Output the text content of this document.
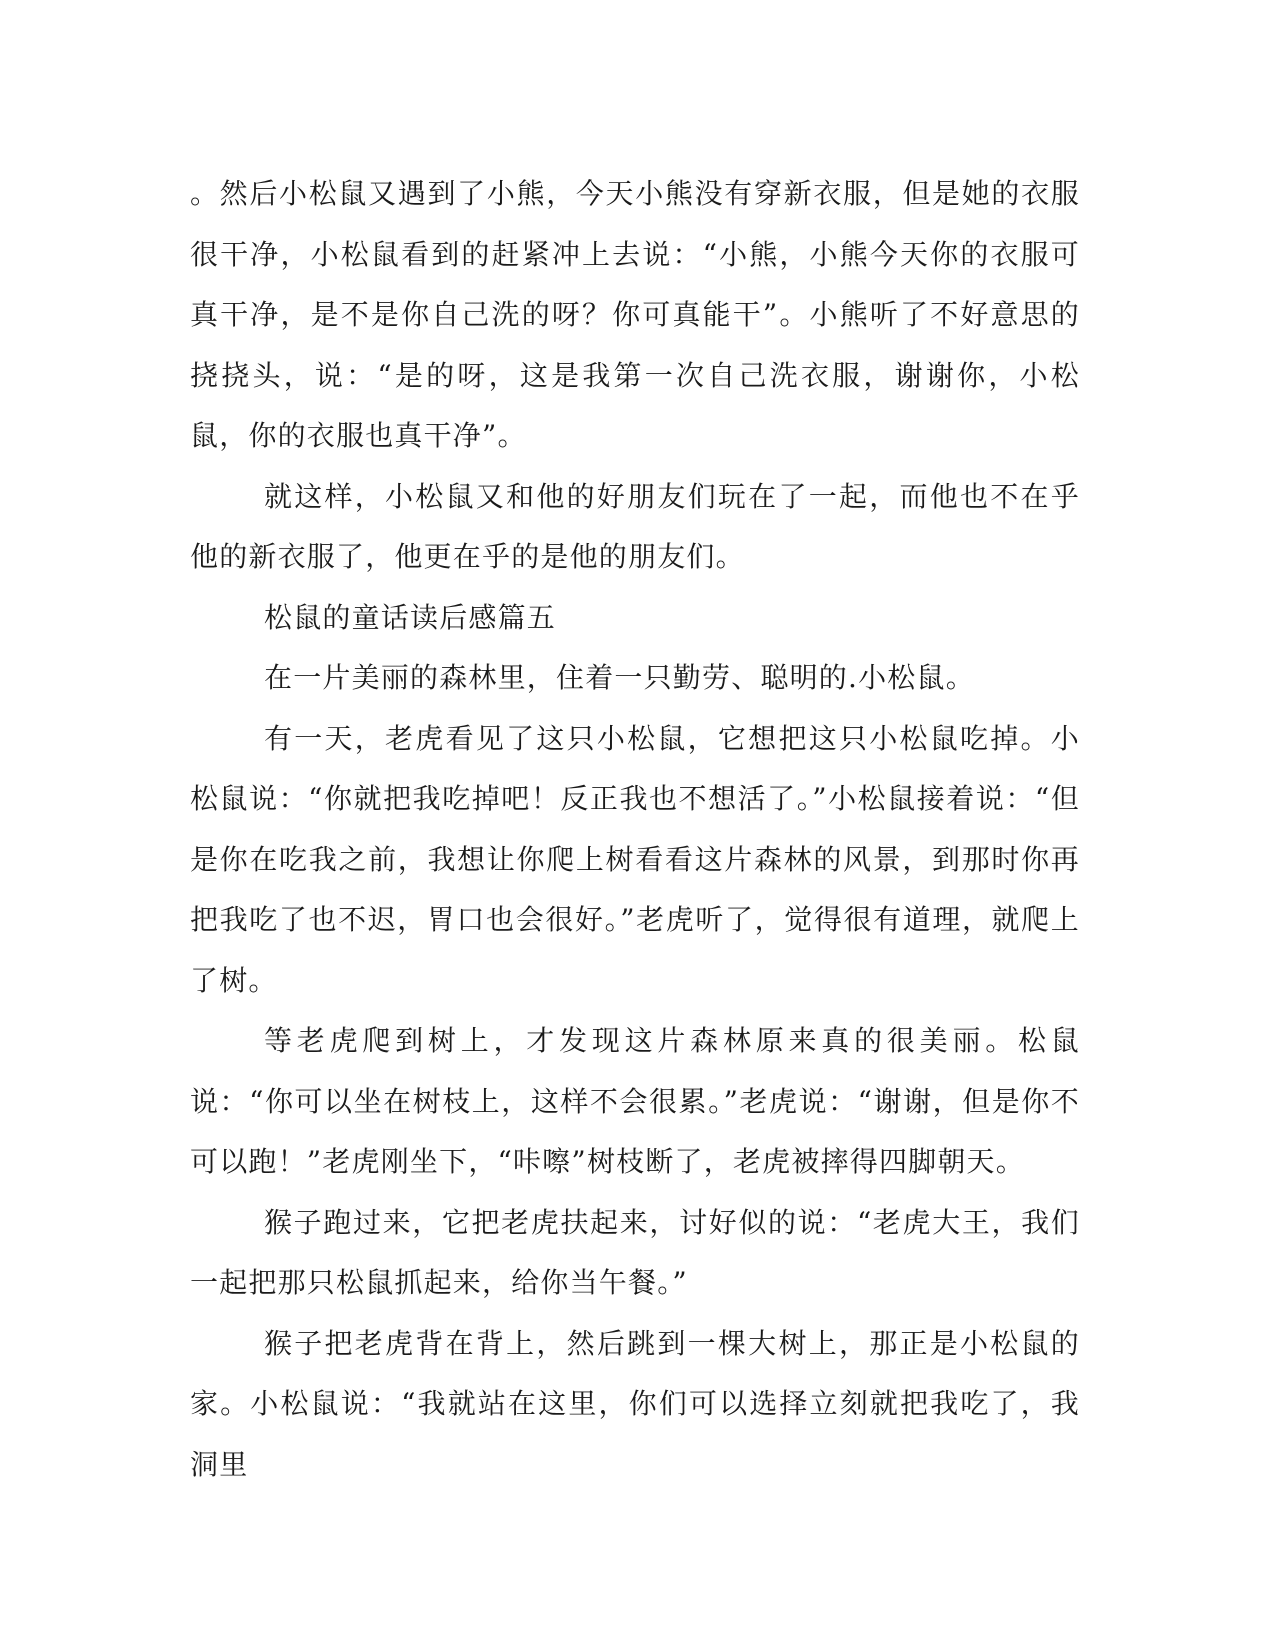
。然后小松鼠又遇到了小熊，今天小熊没有穿新衣服，但是她的衣服很干净，小松鼠看到的赶紧冲上去说：“小熊，小熊今天你的衣服可真干净，是不是你自己洗的呀？你可真能干”。小熊听了不好意思的挠挠头，说：“是的呀，这是我第一次自己洗衣服，谢谢你，小松鼠，你的衣服也真干净”。

就这样，小松鼠又和他的好朋友们玩在了一起，而他也不在乎他的新衣服了，他更在乎的是他的朋友们。

松鼠的童话读后感篇五

在一片美丽的森林里，住着一只勤劳、聪明的.小松鼠。

有一天，老虎看见了这只小松鼠，它想把这只小松鼠吃掉。小松鼠说：“你就把我吃掉吧！反正我也不想活了。”小松鼠接着说：“但是你在吃我之前，我想让你爬上树看看这片森林的风景，到那时你再把我吃了也不迟，胃口也会很好。”老虎听了，觉得很有道理，就爬上了树。

等老虎爬到树上，才发现这片森林原来真的很美丽。松鼠说：“你可以坐在树枝上，这样不会很累。”老虎说：“谢谢，但是你不可以跑！”老虎刚坐下，“咔嚓”树枝断了，老虎被摔得四脚朝天。

猴子跑过来，它把老虎扶起来，讨好似的说：“老虎大王，我们一起把那只松鼠抓起来，给你当午餐。”

猴子把老虎背在背上，然后跳到一棵大树上，那正是小松鼠的家。小松鼠说：“我就站在这里，你们可以选择立刻就把我吃了，我洞里
